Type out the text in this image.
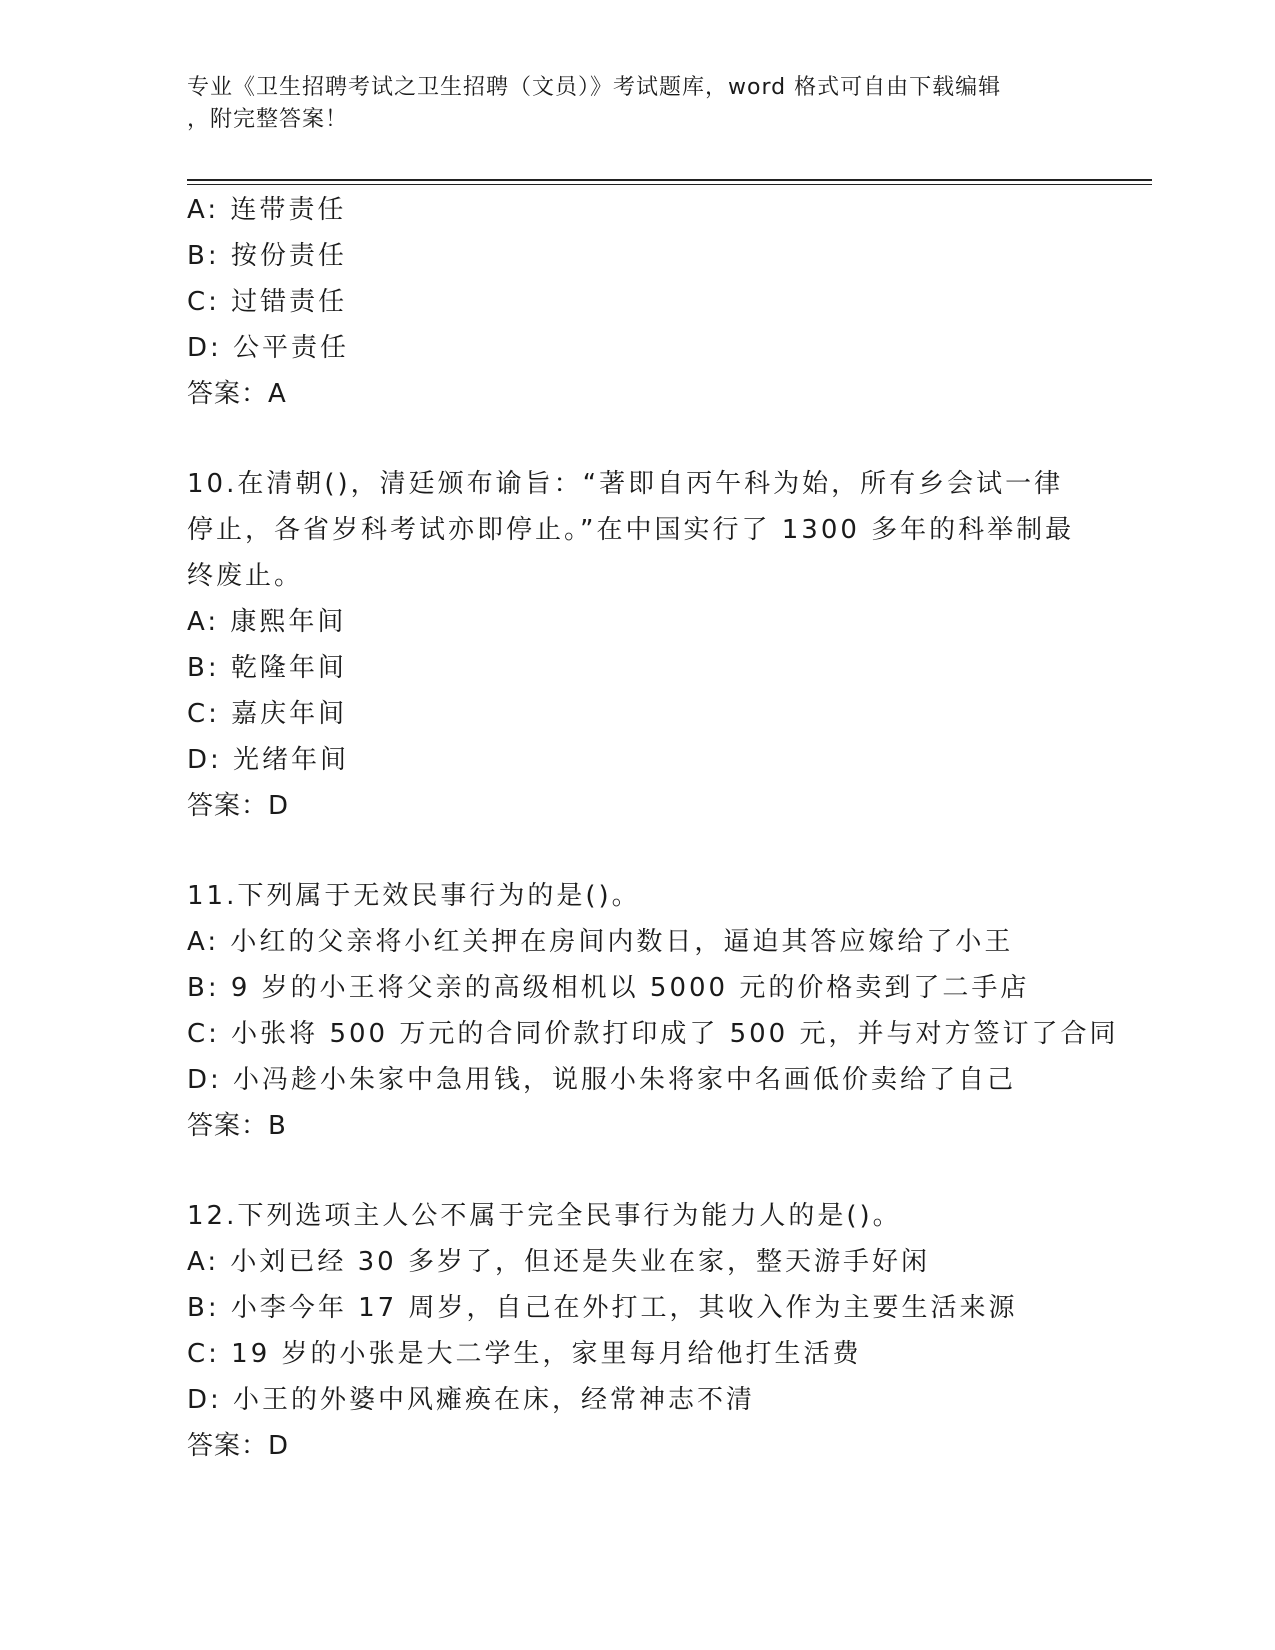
专业《卫生招聘考试之卫生招聘（文员）》考试题库，word 格式可自由下载编辑
，附完整答案！
A: 连带责任
B: 按份责任
C: 过错责任
D: 公平责任
答案：A
10.在清朝()，清廷颁布谕旨：“著即自丙午科为始，所有乡会试一律
停止，各省岁科考试亦即停止。”在中国实行了 1300 多年的科举制最
终废止。
A: 康熙年间
B: 乾隆年间
C: 嘉庆年间
D: 光绪年间
答案：D
11.下列属于无效民事行为的是()。
A: 小红的父亲将小红关押在房间内数日，逼迫其答应嫁给了小王
B: 9 岁的小王将父亲的高级相机以 5000 元的价格卖到了二手店
C: 小张将 500 万元的合同价款打印成了 500 元，并与对方签订了合同
D: 小冯趁小朱家中急用钱，说服小朱将家中名画低价卖给了自己
答案：B
12.下列选项主人公不属于完全民事行为能力人的是()。
A: 小刘已经 30 多岁了，但还是失业在家，整天游手好闲
B: 小李今年 17 周岁，自己在外打工，其收入作为主要生活来源
C: 19 岁的小张是大二学生，家里每月给他打生活费
D: 小王的外婆中风瘫痪在床，经常神志不清
答案：D
